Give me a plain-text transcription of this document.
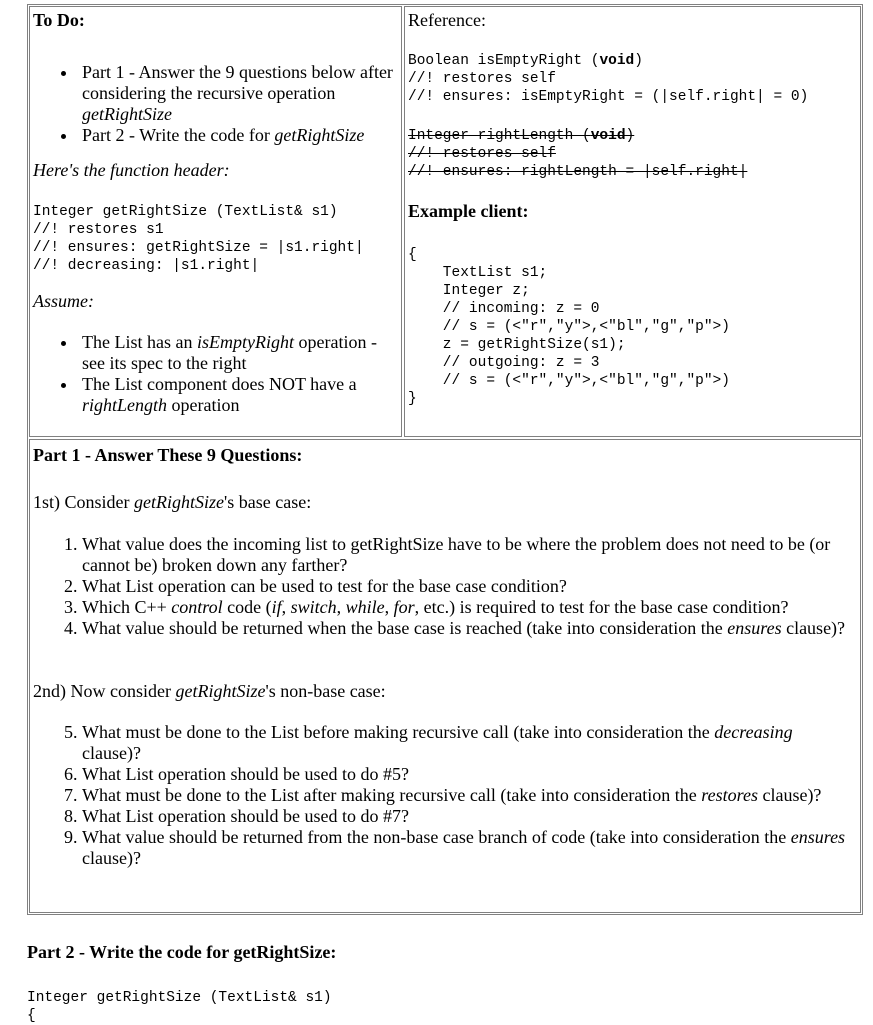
To Do:
• Part 1 - Answer the 9 questions below after considering the recursive operation getRightSize
• Part 2 - Write the code for getRightSize
Here's the function header:
Integer getRightSize (TextList& s1)
//! restores s1
//! ensures: getRightSize = |s1.right|
//! decreasing: |s1.right|
Assume:
• The List has an isEmptyRight operation - see its spec to the right
• The List component does NOT have a rightLength operation
Reference:
Boolean isEmptyRight (void)
//! restores self
//! ensures: isEmptyRight = (|self.right| = 0)
Integer rightLength (void)
//! restores self
//! ensures: rightLength = |self.right|
Example client:
{
TextList s1;
Integer z;
// incoming: z = 0
// s = (<"r","y">,<"bl","g","p">)
z = getRightSize(s1);
// outgoing: z = 3
// s = (<"r","y">,<"bl","g","p">)
}
Part 1 - Answer These 9 Questions:
1st) Consider getRightSize's base case:
1. What value does the incoming list to getRightSize have to be where the problem does not need to be (or cannot be) broken down any farther?
2. What List operation can be used to test for the base case condition?
3. Which C++ control code (if, switch, while, for, etc.) is required to test for the base case condition?
4. What value should be returned when the base case is reached (take into consideration the ensures clause)?
2nd) Now consider getRightSize's non-base case:
5. What must be done to the List before making recursive call (take into consideration the decreasing clause)?
6. What List operation should be used to do #5?
7. What must be done to the List after making recursive call (take into consideration the restores clause)?
8. What List operation should be used to do #7?
9. What value should be returned from the non-base case branch of code (take into consideration the ensures clause)?
Part 2 - Write the code for getRightSize:
Integer getRightSize (TextList& s1)
{
